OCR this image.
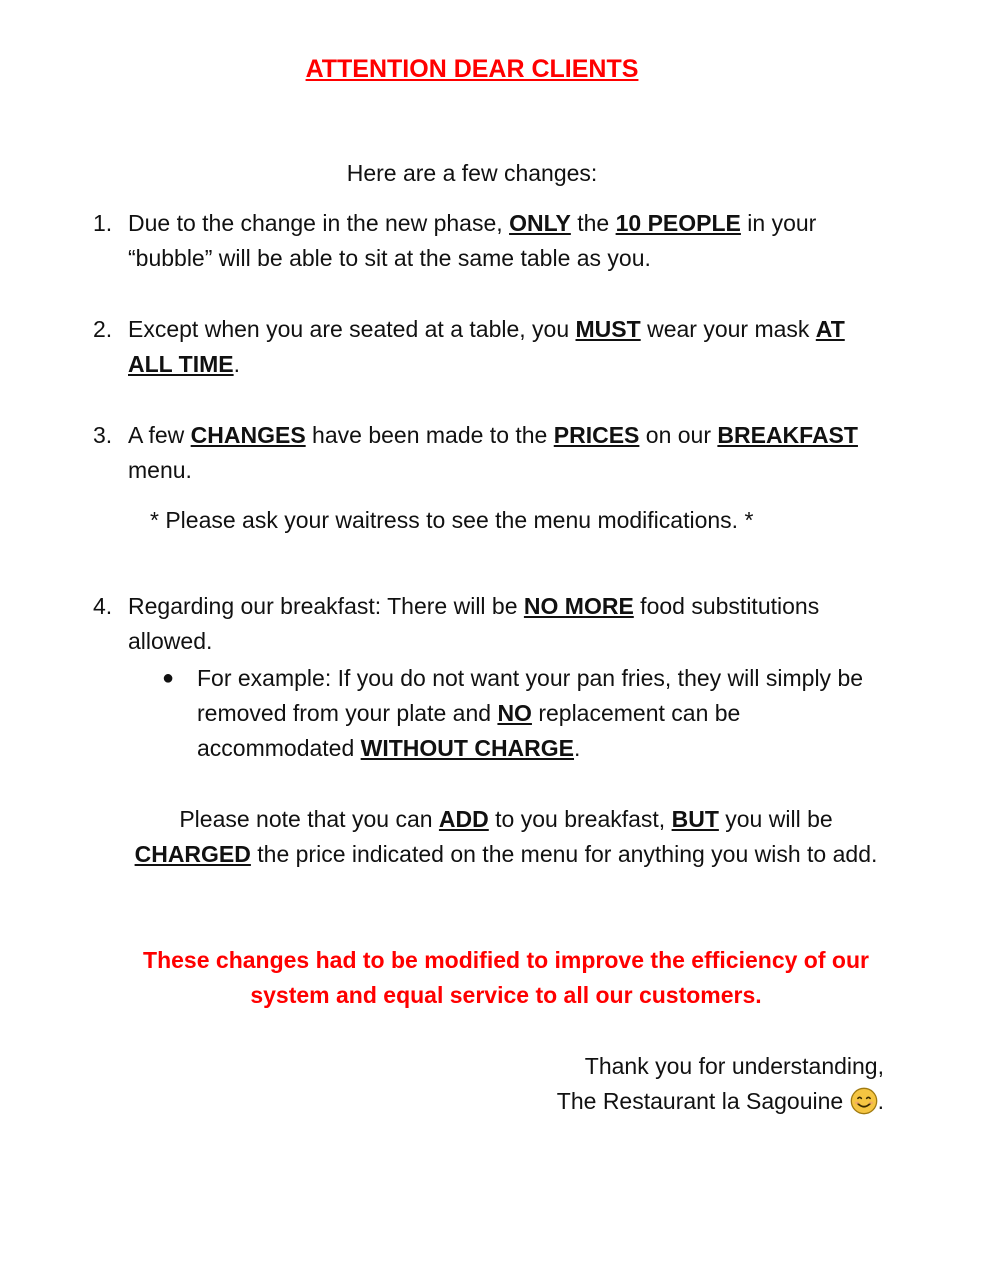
ATTENTION DEAR CLIENTS
Here are a few changes:
1. Due to the change in the new phase, ONLY the 10 PEOPLE in your “bubble” will be able to sit at the same table as you.
2. Except when you are seated at a table, you MUST wear your mask AT ALL TIME.
3. A few CHANGES have been made to the PRICES on our BREAKFAST
menu.
* Please ask your waitress to see the menu modifications. *
4. Regarding our breakfast: There will be NO MORE food substitutions allowed.
● For example: If you do not want your pan fries, they will simply be removed from your plate and NO replacement can be accommodated WITHOUT CHARGE.
Please note that you can ADD to you breakfast, BUT you will be CHARGED the price indicated on the menu for anything you wish to add.
These changes had to be modified to improve the efficiency of our system and equal service to all our customers.
Thank you for understanding,
The Restaurant la Sagouine .
